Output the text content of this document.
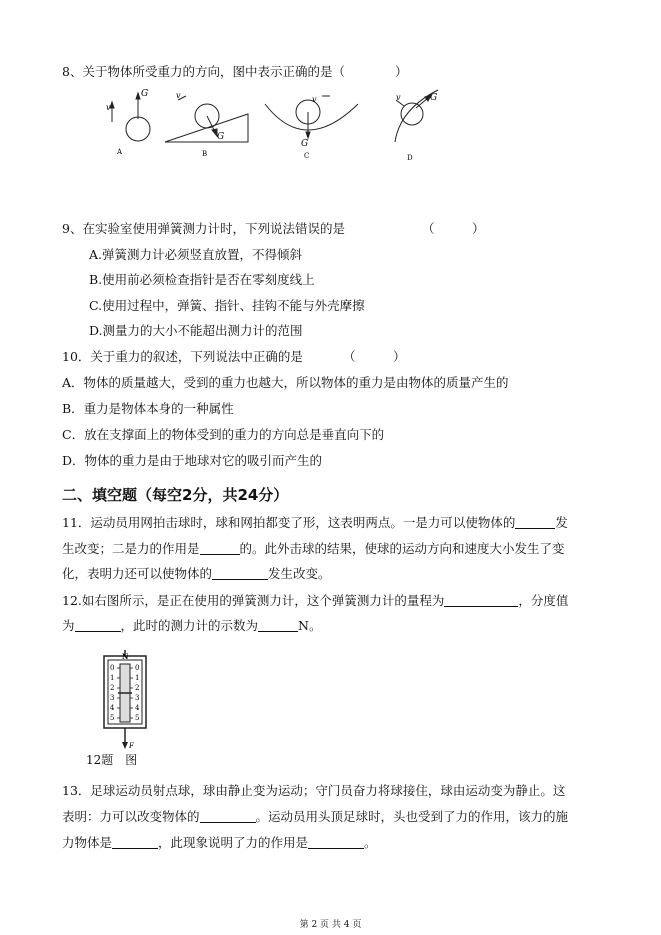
8、关于物体所受重力的方向，图中表示正确的是（　　　　）
v
G
A
v
G
B
v
G
C
v	G
D
9、在实验室使用弹簧测力计时，下列说法错误的是	（　　　）
A.弹簧测力计必须竖直放置，不得倾斜
B.使用前必须检查指针是否在零刻度线上
C.使用过程中，弹簧、指针、挂钩不能与外壳摩擦
D.测量力的大小不能超出测力计的范围
10．关于重力的叙述，下列说法中正确的是	（　　　）
A．物体的质量越大，受到的重力也越大，所以物体的重力是由物体的质量产生的
B．重力是物体本身的一种属性
C．放在支撑面上的物体受到的重力的方向总是垂直向下的
D．物体的重力是由于地球对它的吸引而产生的
二、填空题（每空2分，共24分）
11．运动员用网拍击球时，球和网拍都变了形，这表明两点。一是力可以使物体的	发
生改变；二是力的作用是	的。此外击球的结果，使球的运动方向和速度大小发生了变
化，表明力还可以使物体的	发生改变。
12.如右图所示，是正在使用的弹簧测力计，这个弹簧测力计的量程为	，分度值
为	，此时的测力计的示数为	N。
N
0
1
2
3
4
5
0
1
2
3
4
5
F
12题　图
13．足球运动员射点球，球由静止变为运动；守门员奋力将球接住，球由运动变为静止。这
表明：力可以改变物体的	。运动员用头顶足球时，头也受到了力的作用，该力的施
力物体是	，此现象说明了力的作用是	。
第 2 页 共 4 页
